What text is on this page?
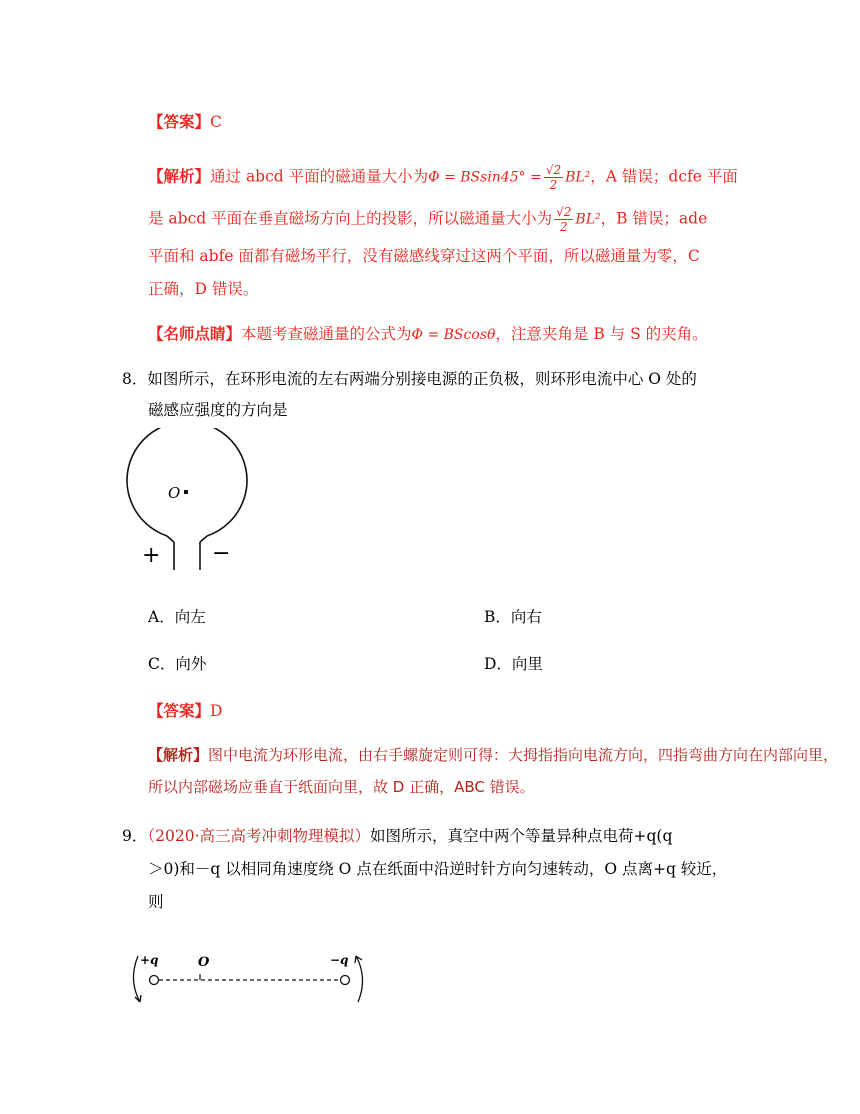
【答案】C
【解析】通过 abcd 平面的磁通量大小为$\Phi = BSsin45^\circ = \frac{√2}{2} BL^2$，A 错误；dcfe 平面
是 abcd 平面在垂直磁场方向上的投影，所以磁通量大小为 $\frac{√2}{2} BL^2$，B 错误；ade
平面和 abfe 面都有磁场平行，没有磁感线穿过这两个平面，所以磁通量为零，C
正确，D 错误。
【名师点睛】本题考查磁通量的公式为Φ = BScosθ，注意夹角是 B 与 S 的夹角。
8．如图所示，在环形电流的左右两端分别接电源的正负极，则环形电流中心 O 处的
磁感应强度的方向是
O
+ −
A．向左	B．向右
C．向外	D．向里
【答案】D
【解析】图中电流为环形电流，由右手螺旋定则可得：大拇指指向电流方向，四指弯曲方向在内部向里，
所以内部磁场应垂直于纸面向里，故 D 正确，ABC 错误。
9．（2020·高三高考冲刺物理模拟）如图所示，真空中两个等量异种点电荷+q(q
＞0)和－q 以相同角速度绕 O 点在纸面中沿逆时针方向匀速转动，O 点离+q 较近，
则
+q	O	−q
